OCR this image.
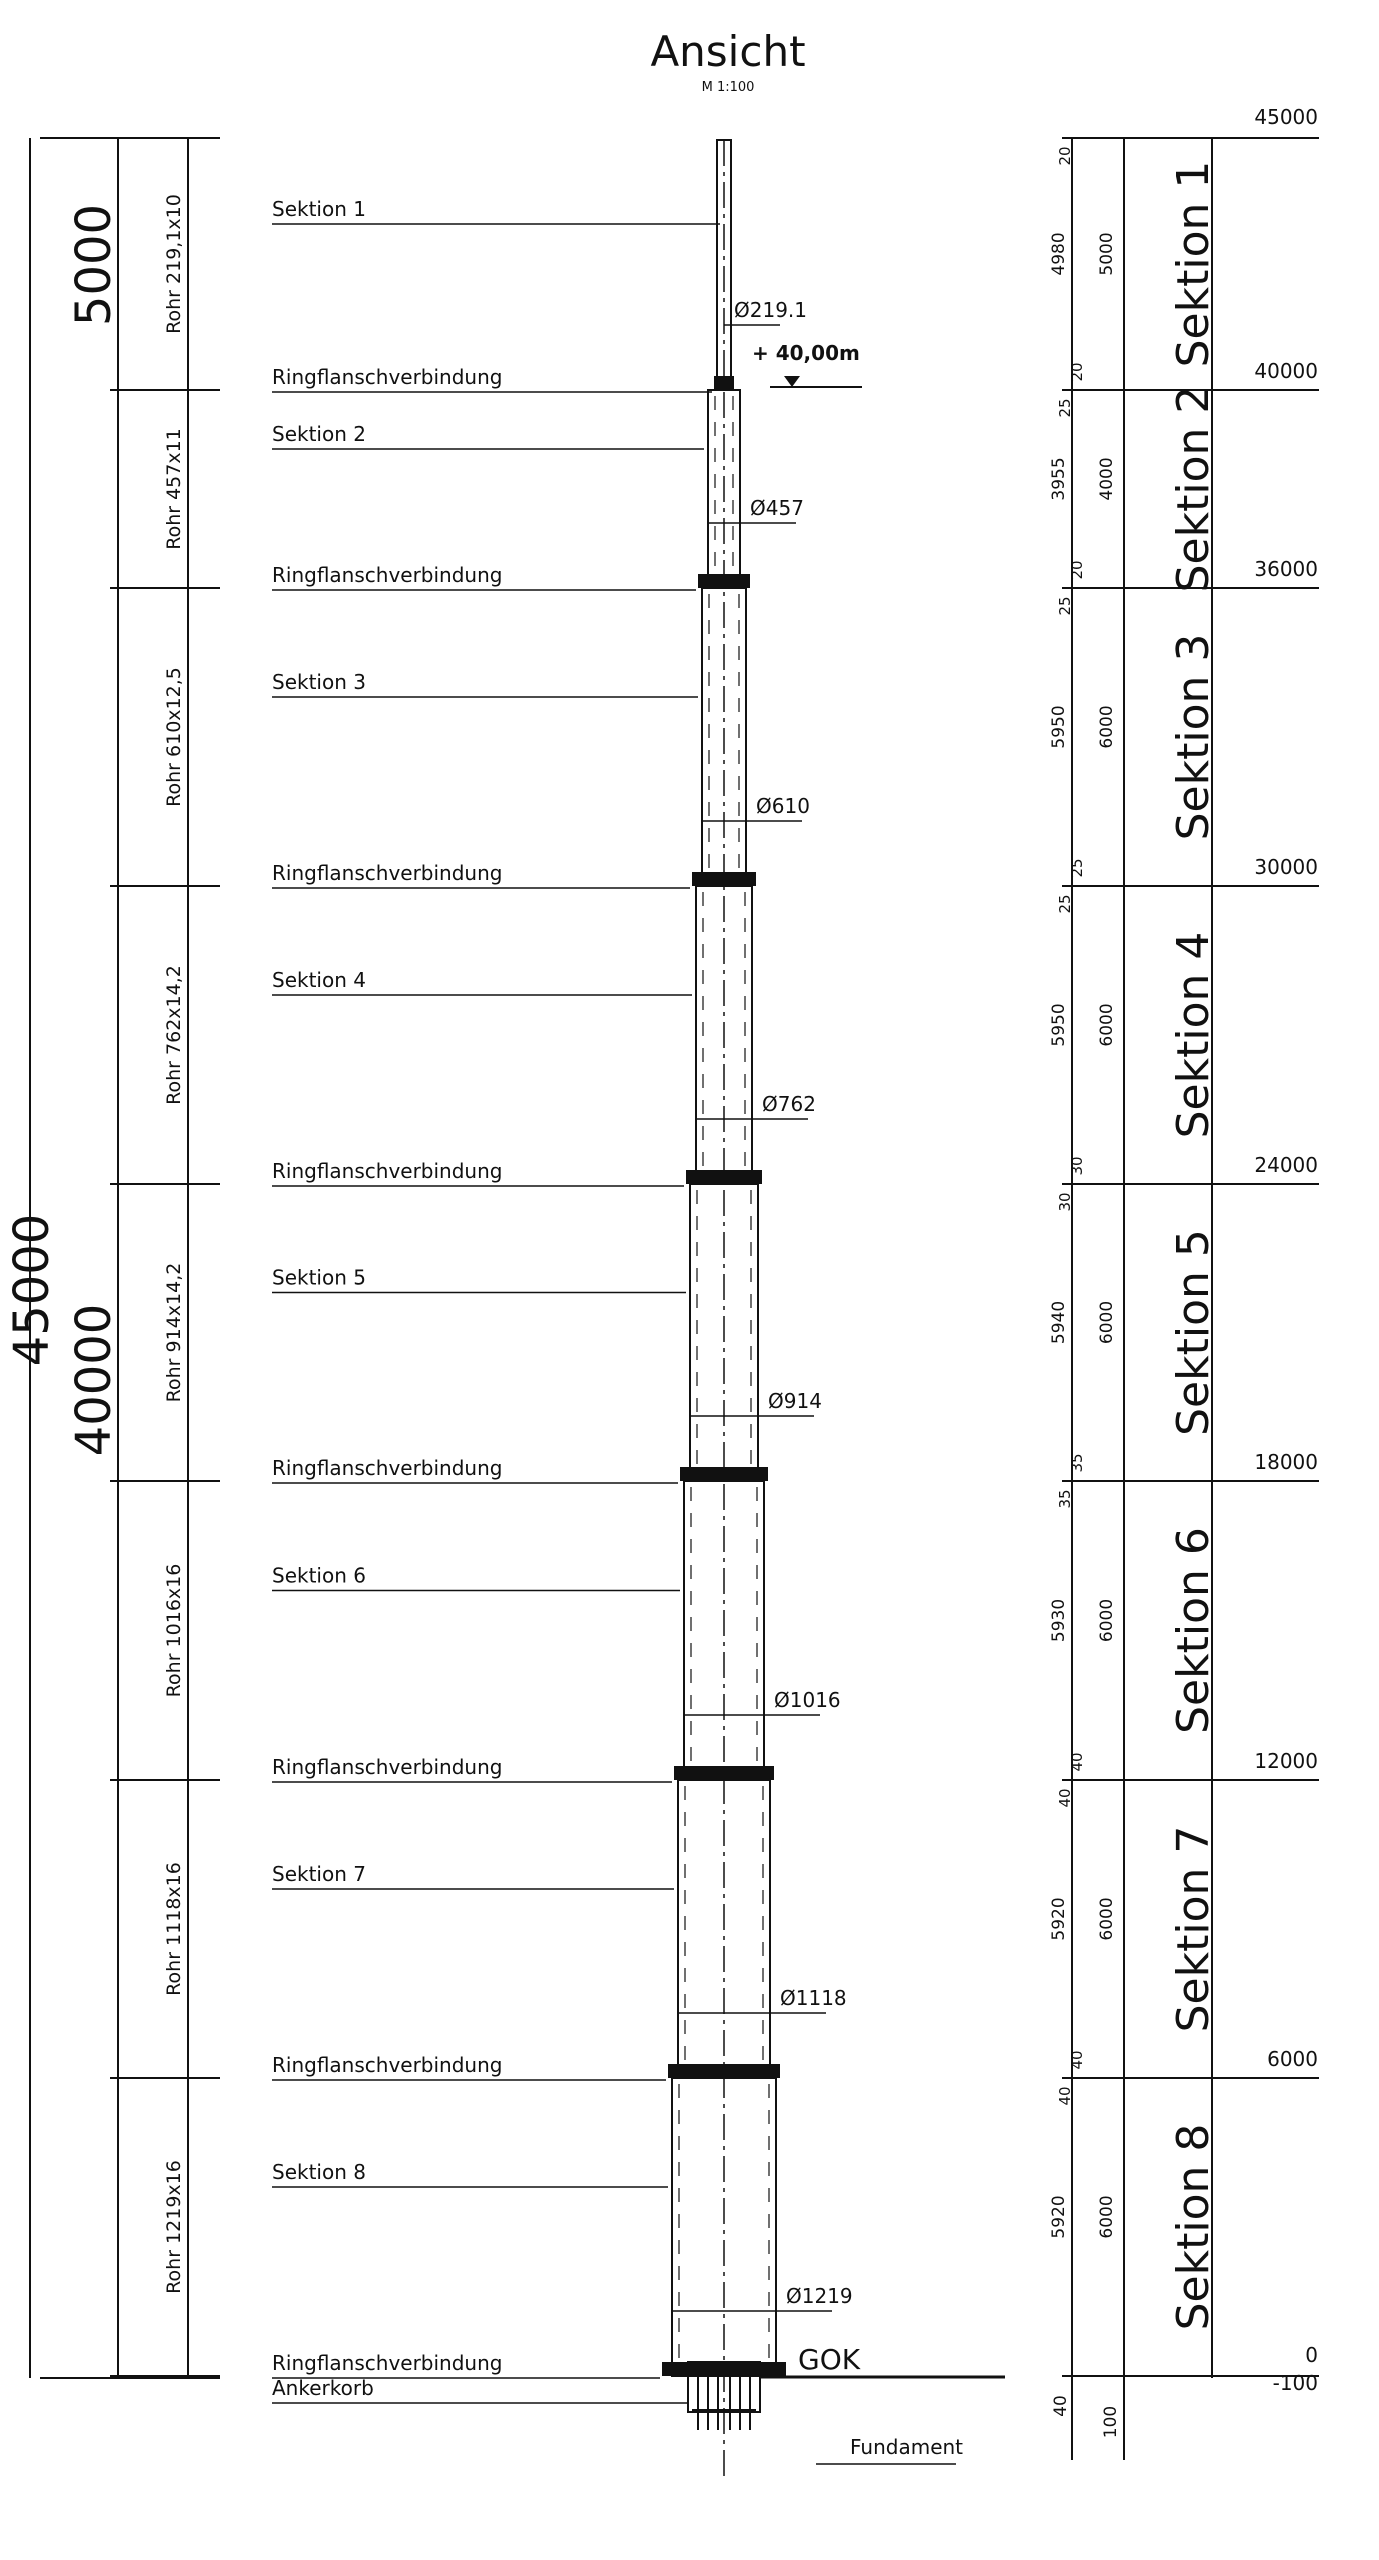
Ansicht
M 1:100
45000
5000
40000
Sektion 1
Ringflanschverbindung
Ø219.1
Rohr 219,1x10	Sektion 1
5000
4980
20
20
Sektion 2
Ringflanschverbindung
Ø457
Rohr 457x11	Sektion 2
4000
3955
25
20
Sektion 3
Ringflanschverbindung
Ø610
Rohr 610x12,5	Sektion 3
6000
5950
25
25
Sektion 4
Ringflanschverbindung
Ø762
Rohr 762x14,2	Sektion 4
6000
5950
25
30
Sektion 5
Ringflanschverbindung
Ø914
Rohr 914x14,2	Sektion 5
6000
5940
30
35
Sektion 6
Ringflanschverbindung
Ø1016
Rohr 1016x16	Sektion 6
6000
5930
35
40
Sektion 7
Ringflanschverbindung
Ø1118
Rohr 1118x16	Sektion 7
6000
5920
40
40
Sektion 8
Ringflanschverbindung
Ø1219
Rohr 1219x16	Sektion 8
6000
5920
40
45000
40000
36000
30000
24000
18000
12000
6000
0
-100
+ 40,00m
GOK
Ankerkorb
Fundament
40 100
